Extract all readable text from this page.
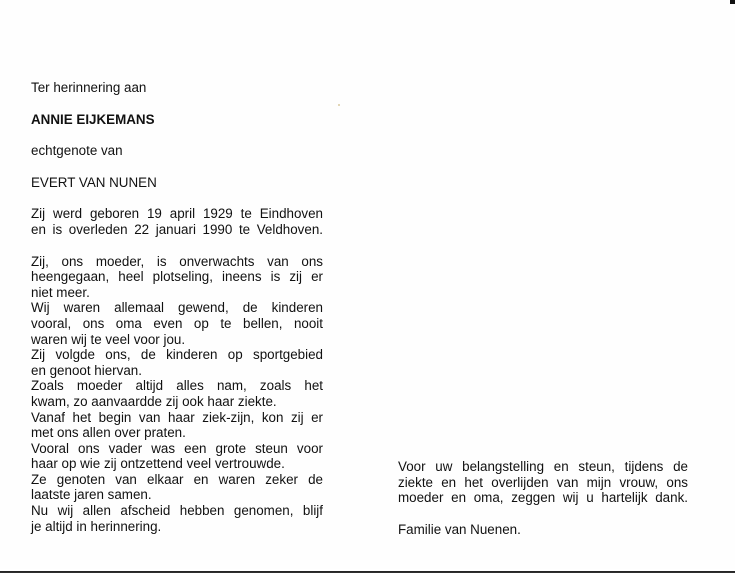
Ter herinnering aan
ANNIE EIJKEMANS
echtgenote van
EVERT VAN NUNEN
Zij werd geboren 19 april 1929 te Eindhoven
en is overleden 22 januari 1990 te Veldhoven.
Zij, ons moeder, is onverwachts van ons
heengegaan, heel plotseling, ineens is zij er
niet meer.
Wij waren allemaal gewend, de kinderen
vooral, ons oma even op te bellen, nooit
waren wij te veel voor jou.
Zij volgde ons, de kinderen op sportgebied
en genoot hiervan.
Zoals moeder altijd alles nam, zoals het
kwam, zo aanvaardde zij ook haar ziekte.
Vanaf het begin van haar ziek-zijn, kon zij er
met ons allen over praten.
Vooral ons vader was een grote steun voor
haar op wie zij ontzettend veel vertrouwde.
Ze genoten van elkaar en waren zeker de
laatste jaren samen.
Nu wij allen afscheid hebben genomen, blijf
je altijd in herinnering.
Voor uw belangstelling en steun, tijdens de
ziekte en het overlijden van mijn vrouw, ons
moeder en oma, zeggen wij u hartelijk dank.
Familie van Nuenen.
